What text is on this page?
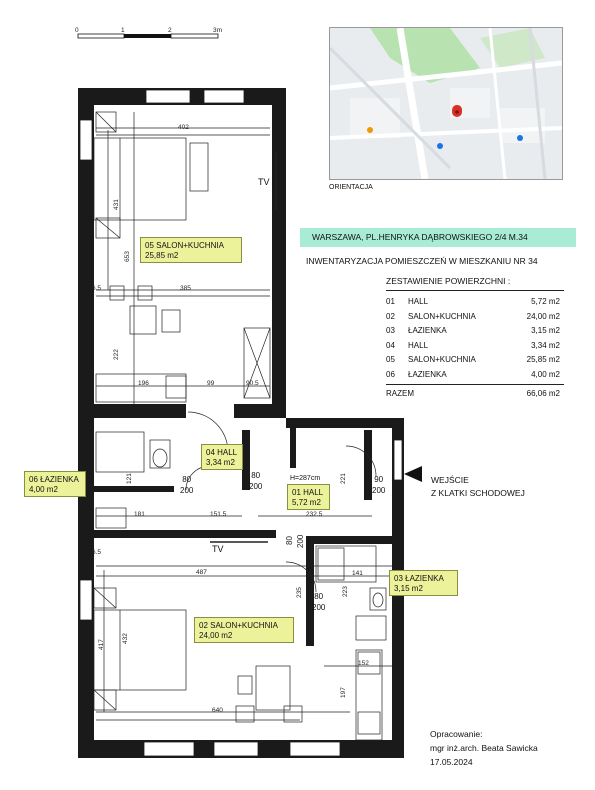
0	1	2	3m
ORIENTACJA
WARSZAWA, PL.HENRYKA DĄBROWSKIEGO 2/4 M.34
INWENTARYZACJA POMIESZCZEŃ W MIESZKANIU NR 34
ZESTAWIENIE POWIERZCHNI :
01	HALL	5,72 m2
02	SALON+KUCHNIA	24,00 m2
03	ŁAZIENKA	3,15 m2
04	HALL	3,34 m2
05	SALON+KUCHNIA	25,85 m2
06	ŁAZIENKA	4,00 m2
RAZEM	66,06 m2
05 SALON+KUCHNIA
25,85 m2
04 HALL
3,34 m2
06 ŁAZIENKA
4,00 m2	01 HALL
5,72 m2
03 ŁAZIENKA
3,15 m2
02 SALON+KUCHNIA
24,00 m2
TV
TV
H=287cm	WEJŚCIE
Z KLATKI SCHODOWEJ
80
200
80
200
90
200
80
200
80 200
402
431
653
385
6.5
222
196	99	90.5
121
181	151.5
221
232.5
6.5
487
235
141
223
417
432
152
197
640
Opracowanie:
mgr inż.arch. Beata Sawicka
17.05.2024
